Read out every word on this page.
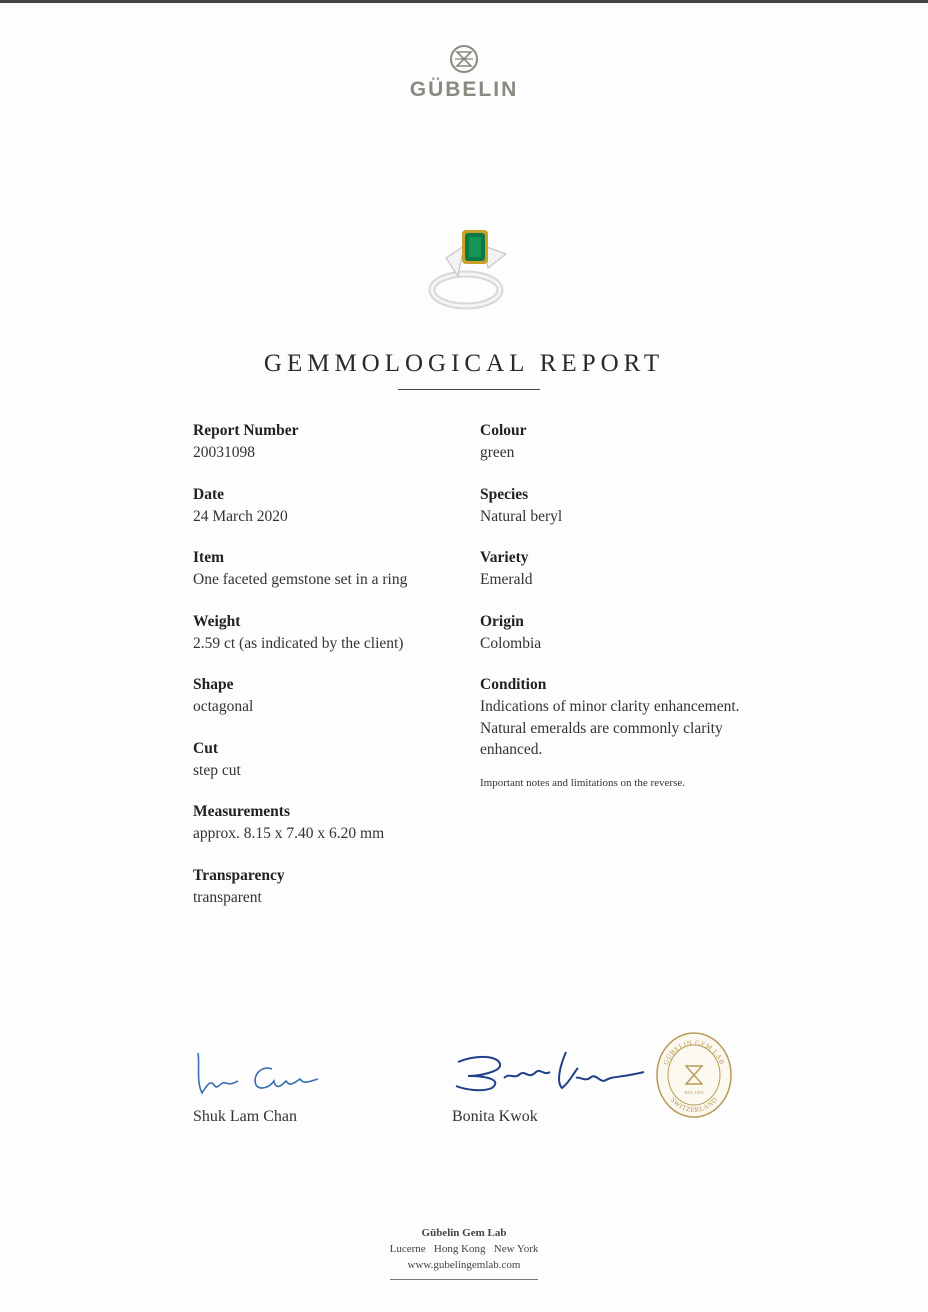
GÜBELIN
GEMMOLOGICAL REPORT
Report Number
20031098
Date
24 March 2020
Item
One faceted gemstone set in a ring
Weight
2.59 ct (as indicated by the client)
Shape
octagonal
Cut
step cut
Measurements
approx. 8.15 x 7.40 x 6.20 mm
Transparency
transparent
Colour
green
Species
Natural beryl
Variety
Emerald
Origin
Colombia
Condition
Indications of minor clarity enhancement.
Natural emeralds are commonly clarity enhanced.
Important notes and limitations on the reverse.
Shuk Lam Chan	Bonita Kwok
GÜBELIN GEM LAB
SWITZERLAND
EST. 1923
Gübelin Gem Lab
Lucerne   Hong Kong   New York
www.gubelingemlab.com
